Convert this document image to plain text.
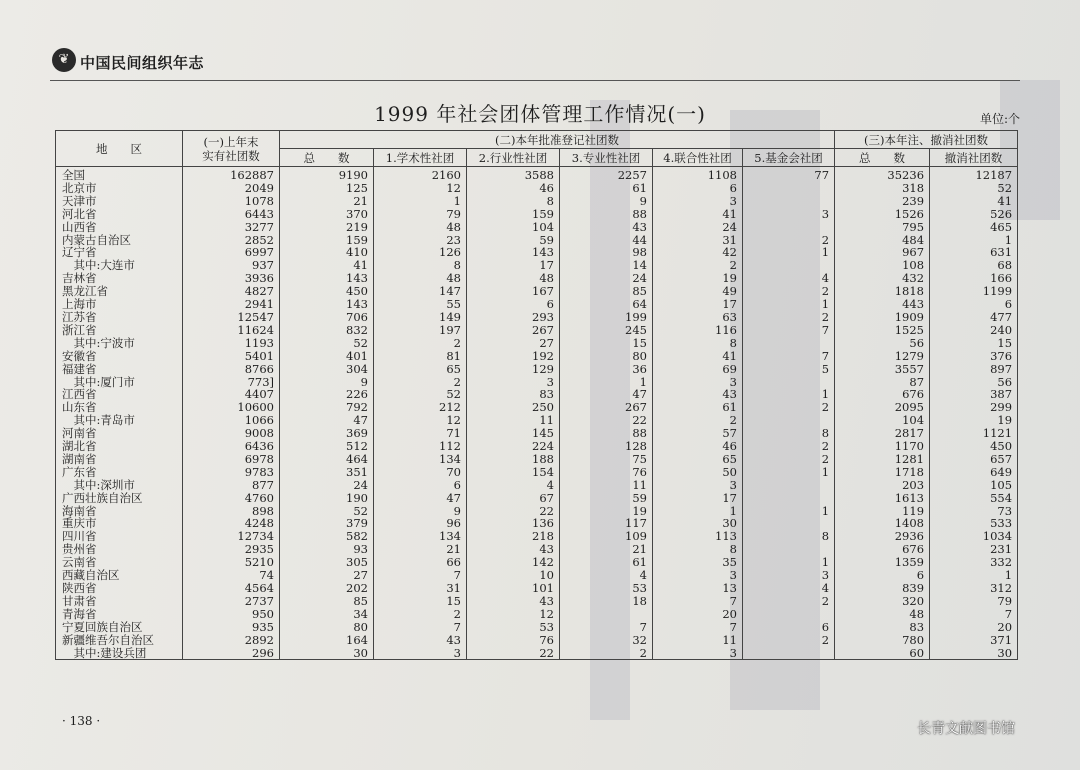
❦ 中国民间组织年志
1999 年社会团体管理工作情况(一)	单位:个
地　　区	(一)上年末
实有社团数	(二)本年批准登记社团数						(三)本年注、撤消社团数	
		总　　数	1.学术性社团	2.行业性社团	3.专业性社团	4.联合性社团	5.基金会社团	总　　数	撤消社团数
全国	162887	9190	2160	3588	2257	1108	77	35236	12187
北京市	2049	125	12	46	61	6		318	52
天津市	1078	21	1	8	9	3		239	41
河北省	6443	370	79	159	88	41	3	1526	526
山西省	3277	219	48	104	43	24		795	465
内蒙古自治区	2852	159	23	59	44	31	2	484	1
辽宁省	6997	410	126	143	98	42	1	967	631
　其中:大连市	937	41	8	17	14	2		108	68
吉林省	3936	143	48	48	24	19	4	432	166
黑龙江省	4827	450	147	167	85	49	2	1818	1199
上海市	2941	143	55	6	64	17	1	443	6
江苏省	12547	706	149	293	199	63	2	1909	477
浙江省	11624	832	197	267	245	116	7	1525	240
　其中:宁波市	1193	52	2	27	15	8		56	15
安徽省	5401	401	81	192	80	41	7	1279	376
福建省	8766	304	65	129	36	69	5	3557	897
　其中:厦门市	773]	9	2	3	1	3		87	56
江西省	4407	226	52	83	47	43	1	676	387
山东省	10600	792	212	250	267	61	2	2095	299
　其中:青岛市	1066	47	12	11	22	2		104	19
河南省	9008	369	71	145	88	57	8	2817	1121
湖北省	6436	512	112	224	128	46	2	1170	450
湖南省	6978	464	134	188	75	65	2	1281	657
广东省	9783	351	70	154	76	50	1	1718	649
　其中:深圳市	877	24	6	4	11	3		203	105
广西壮族自治区	4760	190	47	67	59	17		1613	554
海南省	898	52	9	22	19	1	1	119	73
重庆市	4248	379	96	136	117	30		1408	533
四川省	12734	582	134	218	109	113	8	2936	1034
贵州省	2935	93	21	43	21	8		676	231
云南省	5210	305	66	142	61	35	1	1359	332
西藏自治区	74	27	7	10	4	3	3	6	1
陕西省	4564	202	31	101	53	13	4	839	312
甘肃省	2737	85	15	43	18	7	2	320	79
青海省	950	34	2	12		20		48	7
宁夏回族自治区	935	80	7	53	7	7	6	83	20
新疆维吾尔自治区	2892	164	43	76	32	11	2	780	371
　其中:建设兵团	296	30	3	22	2	3		60	30
· 138 ·	长青文献图书馆
